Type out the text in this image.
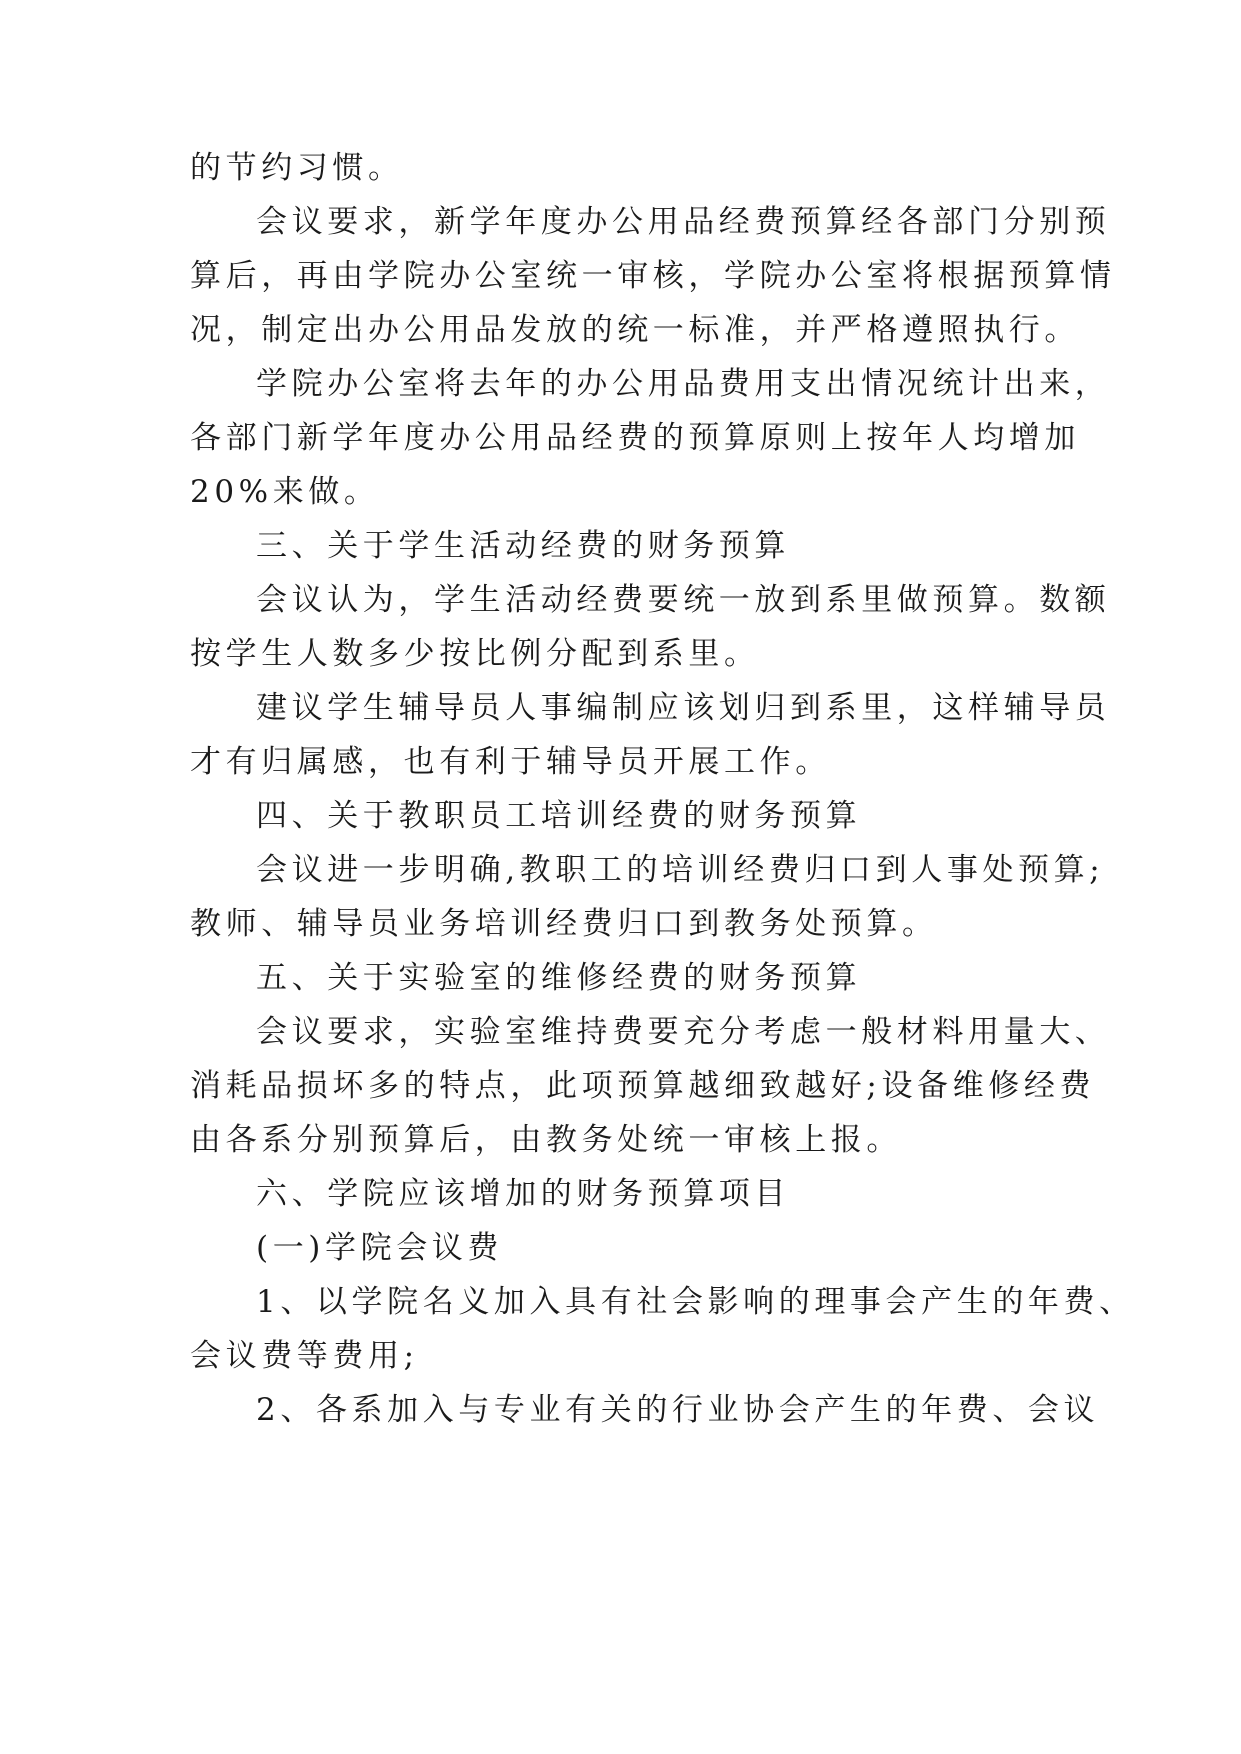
的节约习惯。

会议要求，新学年度办公用品经费预算经各部门分别预

算后，再由学院办公室统一审核，学院办公室将根据预算情

况，制定出办公用品发放的统一标准，并严格遵照执行。

学院办公室将去年的办公用品费用支出情况统计出来，

各部门新学年度办公用品经费的预算原则上按年人均增加

20%来做。

三、关于学生活动经费的财务预算

会议认为，学生活动经费要统一放到系里做预算。数额

按学生人数多少按比例分配到系里。

建议学生辅导员人事编制应该划归到系里，这样辅导员

才有归属感，也有利于辅导员开展工作。

四、关于教职员工培训经费的财务预算

会议进一步明确,教职工的培训经费归口到人事处预算;

教师、辅导员业务培训经费归口到教务处预算。

五、关于实验室的维修经费的财务预算

会议要求，实验室维持费要充分考虑一般材料用量大、

消耗品损坏多的特点，此项预算越细致越好;设备维修经费

由各系分别预算后，由教务处统一审核上报。

六、学院应该增加的财务预算项目

(一)学院会议费

1、以学院名义加入具有社会影响的理事会产生的年费、

会议费等费用;

2、各系加入与专业有关的行业协会产生的年费、会议
